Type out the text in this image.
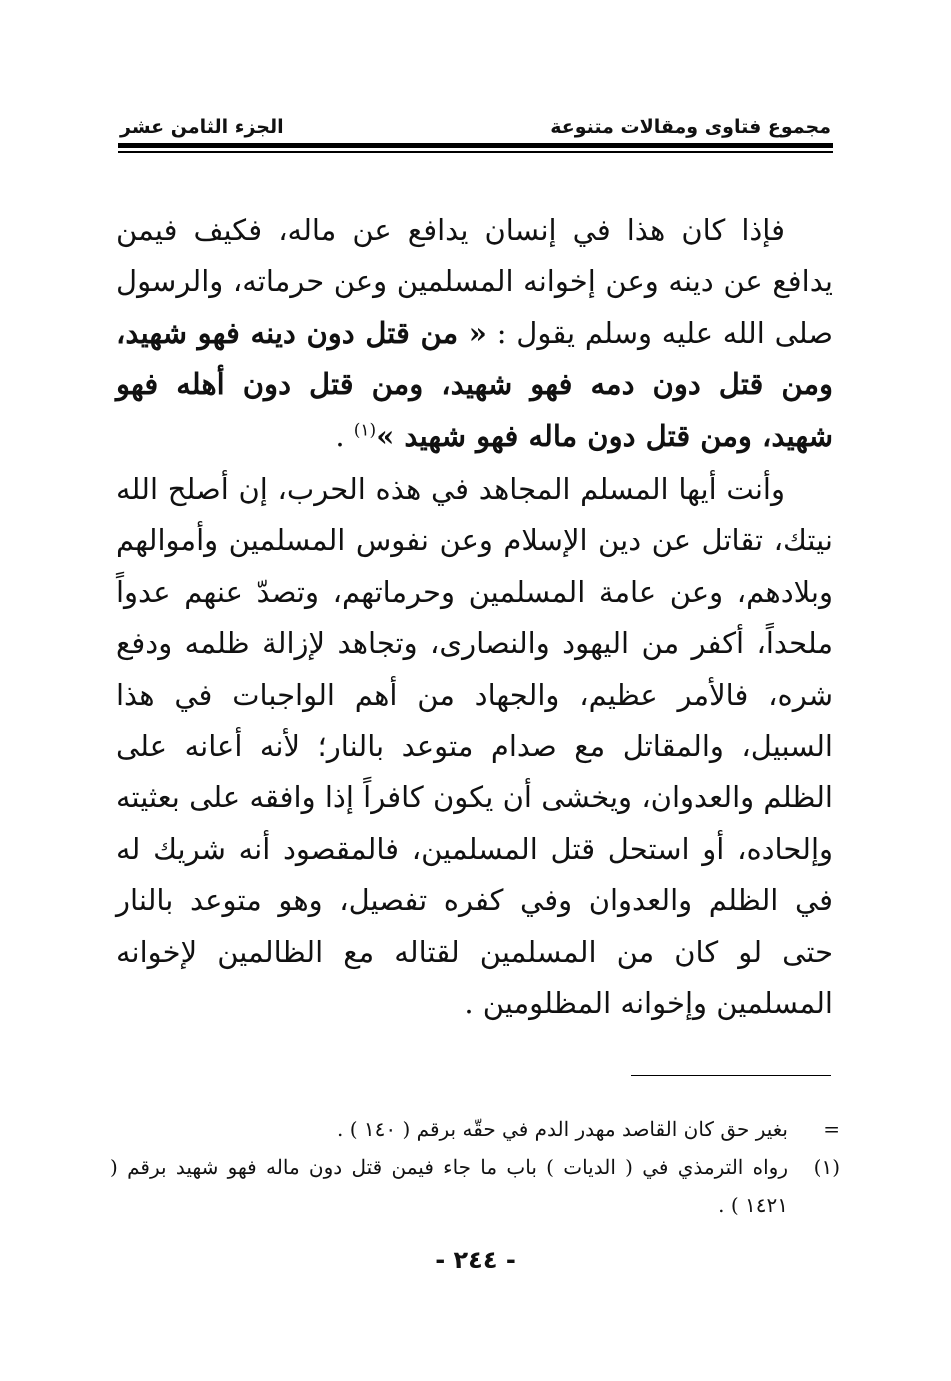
مجموع فتاوى ومقالات متنوعة
الجزء الثامن عشر

فإذا كان هذا في إنسان يدافع عن ماله، فكيف فيمن يدافع عن دينه وعن إخوانه المسلمين وعن حرماته، والرسول صلى الله عليه وسلم يقول : « من قتل دون دينه فهو شهيد، ومن قتل دون دمه فهو شهيد، ومن قتل دون أهله فهو شهيد، ومن قتل دون ماله فهو شهيد »$^{(١)}$ .

وأنت أيها المسلم المجاهد في هذه الحرب، إن أصلح الله نيتك، تقاتل عن دين الإسلام وعن نفوس المسلمين وأموالهم وبلادهم، وعن عامة المسلمين وحرماتهم، وتصدّ عنهم عدواً ملحداً، أكفر من اليهود والنصارى، وتجاهد لإزالة ظلمه ودفع شره، فالأمر عظيم، والجهاد من أهم الواجبات في هذا السبيل، والمقاتل مع صدام متوعد بالنار؛ لأنه أعانه على الظلم والعدوان، ويخشى أن يكون كافراً إذا وافقه على بعثيته وإلحاده، أو استحل قتل المسلمين، فالمقصود أنه شريك له في الظلم والعدوان وفي كفره تفصيل، وهو متوعد بالنار حتى لو كان من المسلمين لقتاله مع الظالمين لإخوانه المسلمين وإخوانه المظلومين .

=
بغير حق كان القاصد مهدر الدم في حقّه برقم ( ١٤٠ ) .
(١)
رواه الترمذي في ( الديات ) باب ما جاء فيمن قتل دون ماله فهو شهيد برقم ( ١٤٢١ ) .
- ٢٤٤ -
